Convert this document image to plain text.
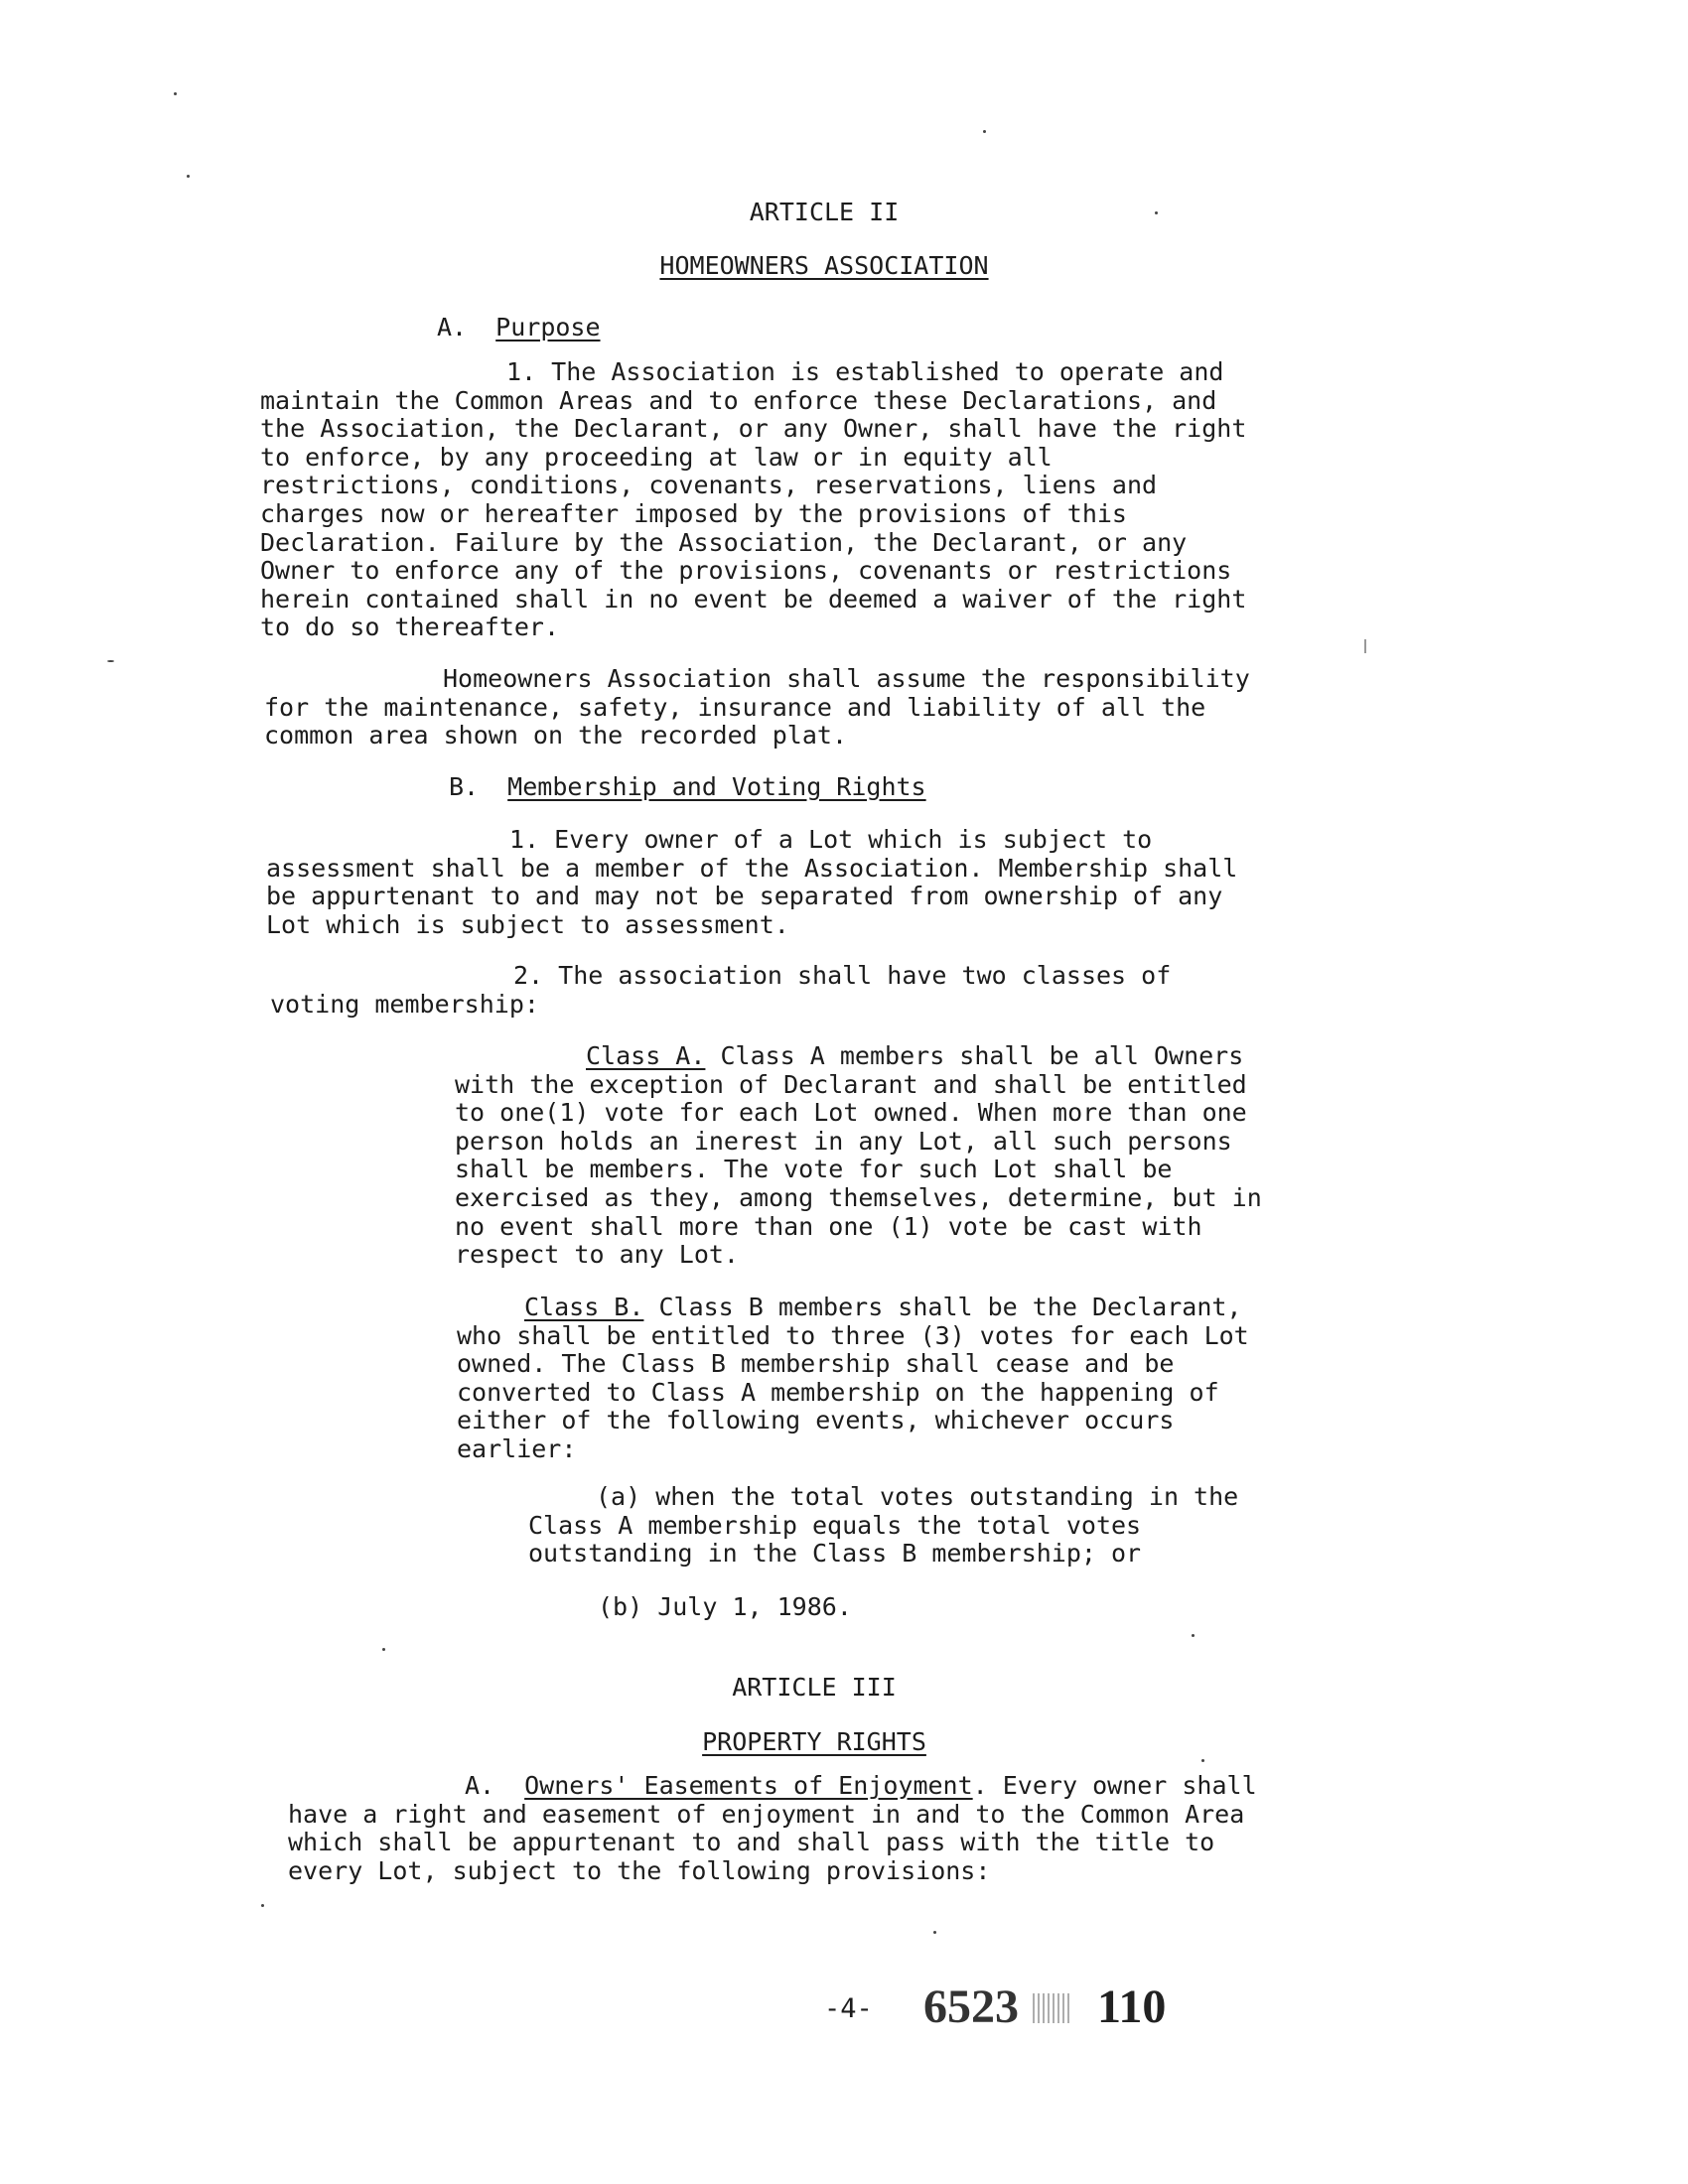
ARTICLE II
HOMEOWNERS ASSOCIATION
A. Purpose
1. The Association is established to operate and
maintain the Common Areas and to enforce these Declarations, and
the Association, the Declarant, or any Owner, shall have the right
to enforce, by any proceeding at law or in equity all
restrictions, conditions, covenants, reservations, liens and
charges now or hereafter imposed by the provisions of this
Declaration. Failure by the Association, the Declarant, or any
Owner to enforce any of the provisions, covenants or restrictions
herein contained shall in no event be deemed a waiver of the right
to do so thereafter.
Homeowners Association shall assume the responsibility
for the maintenance, safety, insurance and liability of all the
common area shown on the recorded plat.
B. Membership and Voting Rights
1. Every owner of a Lot which is subject to
assessment shall be a member of the Association. Membership shall
be appurtenant to and may not be separated from ownership of any
Lot which is subject to assessment.
2. The association shall have two classes of
voting membership:
Class A. Class A members shall be all Owners
with the exception of Declarant and shall be entitled
to one(1) vote for each Lot owned. When more than one
person holds an inerest in any Lot, all such persons
shall be members. The vote for such Lot shall be
exercised as they, among themselves, determine, but in
no event shall more than one (1) vote be cast with
respect to any Lot.
Class B. Class B members shall be the Declarant,
who shall be entitled to three (3) votes for each Lot
owned. The Class B membership shall cease and be
converted to Class A membership on the happening of
either of the following events, whichever occurs
earlier:
(a) when the total votes outstanding in the
Class A membership equals the total votes
outstanding in the Class B membership; or
(b) July 1, 1986.
ARTICLE III
PROPERTY RIGHTS
A. Owners' Easements of Enjoyment. Every owner shall
have a right and easement of enjoyment in and to the Common Area
which shall be appurtenant to and shall pass with the title to
every Lot, subject to the following provisions:
-4- 6523 110
